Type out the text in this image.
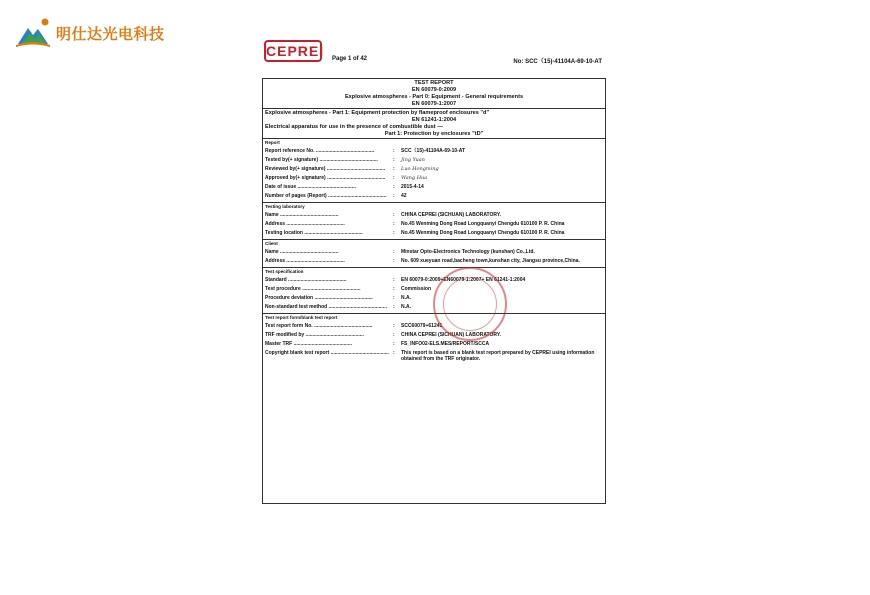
明仕达光电科技
CEPREI Page 1 of 42	No: SCC（15)-41104A-69-10-AT
TEST REPORT
EN 60079-0:2009
Explosive atmospheres - Part 0: Equipment - General requirements
EN 60079-1:2007
Explosive atmospheres - Part 1: Equipment protection by flameproof enclosures "d"
EN 61241-1:2004
Electrical apparatus for use in the presence of combustible dust —
Part 1: Protection by enclosures "tD"
Report
Report reference No. ..........................................	:	SCC（15)-41104A-69-10-AT
Tested by(+ signature) ..........................................	:	Jing Yuan
Reviewed by(+ signature) ..........................................	:	Luo Hongming
Approved by(+ signature) ..........................................	:	Wang Hua
Date of issue ..........................................	:	2015-4-14
Number of pages (Report) ..........................................	:	42
Testing laboratory
Name ..........................................	:	CHINA CEPREI (SICHUAN) LABORATORY.
Address ..........................................	:	No.45 Wenming Dong Road Longquanyi Chengdu 610100 P. R. China
Testing location ..........................................	:	No.45 Wenming Dong Road Longquanyi Chengdu 610100 P. R. China
Client
Name ..........................................	:	Minstar Opto-Electronics Technology (kunshan) Co.,Ltd.
Address ..........................................	:	No. 609 xueyuan road,bacheng town,kunshan city, Jiangsu province,China.
Test specification
Standard ..........................................	:	EN 60079-0:2009+EN60079-1:2007+ EN 61241-1:2004
Test procedure ..........................................	:	Commission
Procedure deviation ..........................................	:	N.A.
Non-standard test method ..........................................	:	N.A.
Test report form/blank test report
Test report form No. ..........................................	:	SCC60079+61241
TRF modified by ..........................................	:	CHINA CEPREI (SICHUAN) LABORATORY.
Master TRF ..........................................	:	FS_INFO02-ELS.MES/REPORT/SCCA
Copyright blank test report .......................................... :	This report is based on a blank test report prepared by CEPREI using information obtained from the TRF originator.
